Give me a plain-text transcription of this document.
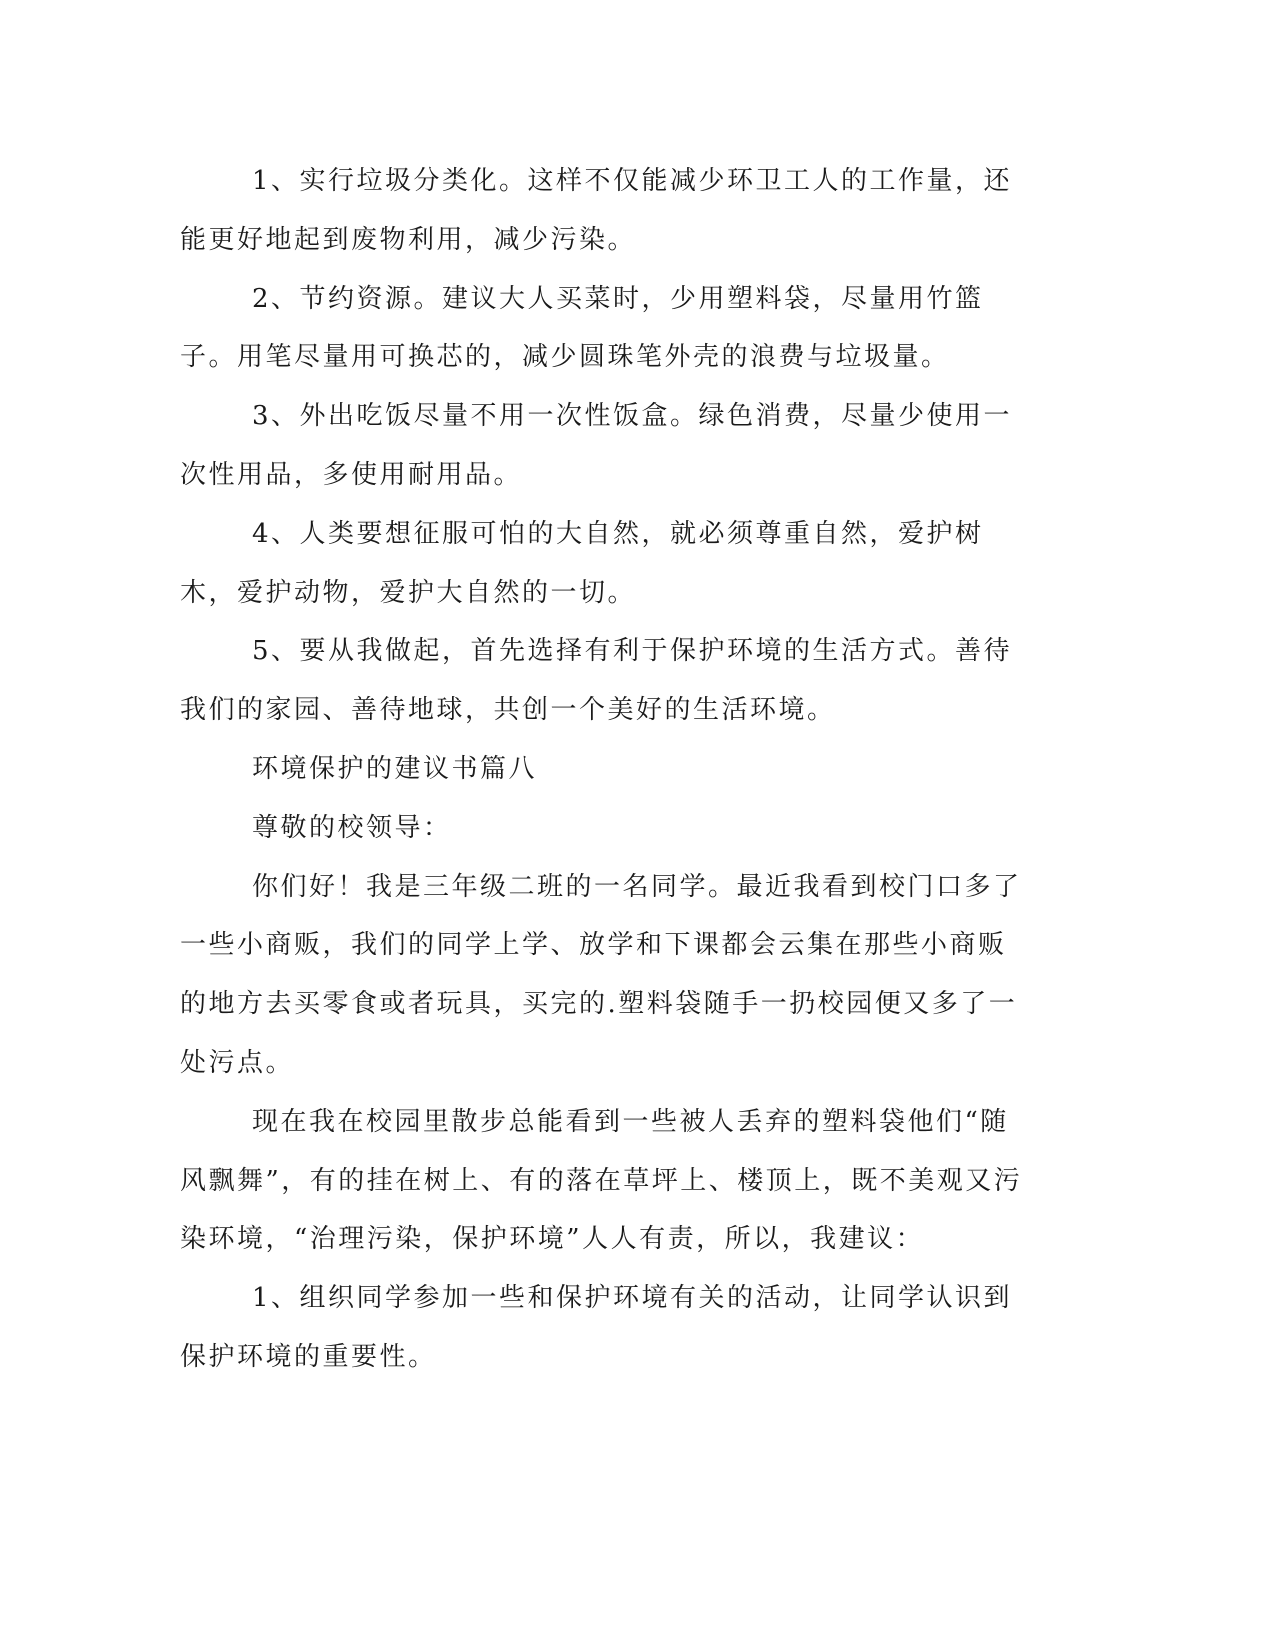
1、实行垃圾分类化。这样不仅能减少环卫工人的工作量，还能更好地起到废物利用，减少污染。

2、节约资源。建议大人买菜时，少用塑料袋，尽量用竹篮子。用笔尽量用可换芯的，减少圆珠笔外壳的浪费与垃圾量。

3、外出吃饭尽量不用一次性饭盒。绿色消费，尽量少使用一次性用品，多使用耐用品。

4、人类要想征服可怕的大自然，就必须尊重自然，爱护树木，爱护动物，爱护大自然的一切。

5、要从我做起，首先选择有利于保护环境的生活方式。善待我们的家园、善待地球，共创一个美好的生活环境。

环境保护的建议书篇八

尊敬的校领导：

你们好！我是三年级二班的一名同学。最近我看到校门口多了一些小商贩，我们的同学上学、放学和下课都会云集在那些小商贩的地方去买零食或者玩具，买完的.塑料袋随手一扔校园便又多了一处污点。

现在我在校园里散步总能看到一些被人丢弃的塑料袋他们“随风飘舞”，有的挂在树上、有的落在草坪上、楼顶上，既不美观又污染环境，“治理污染，保护环境”人人有责，所以，我建议：

1、组织同学参加一些和保护环境有关的活动，让同学认识到保护环境的重要性。
